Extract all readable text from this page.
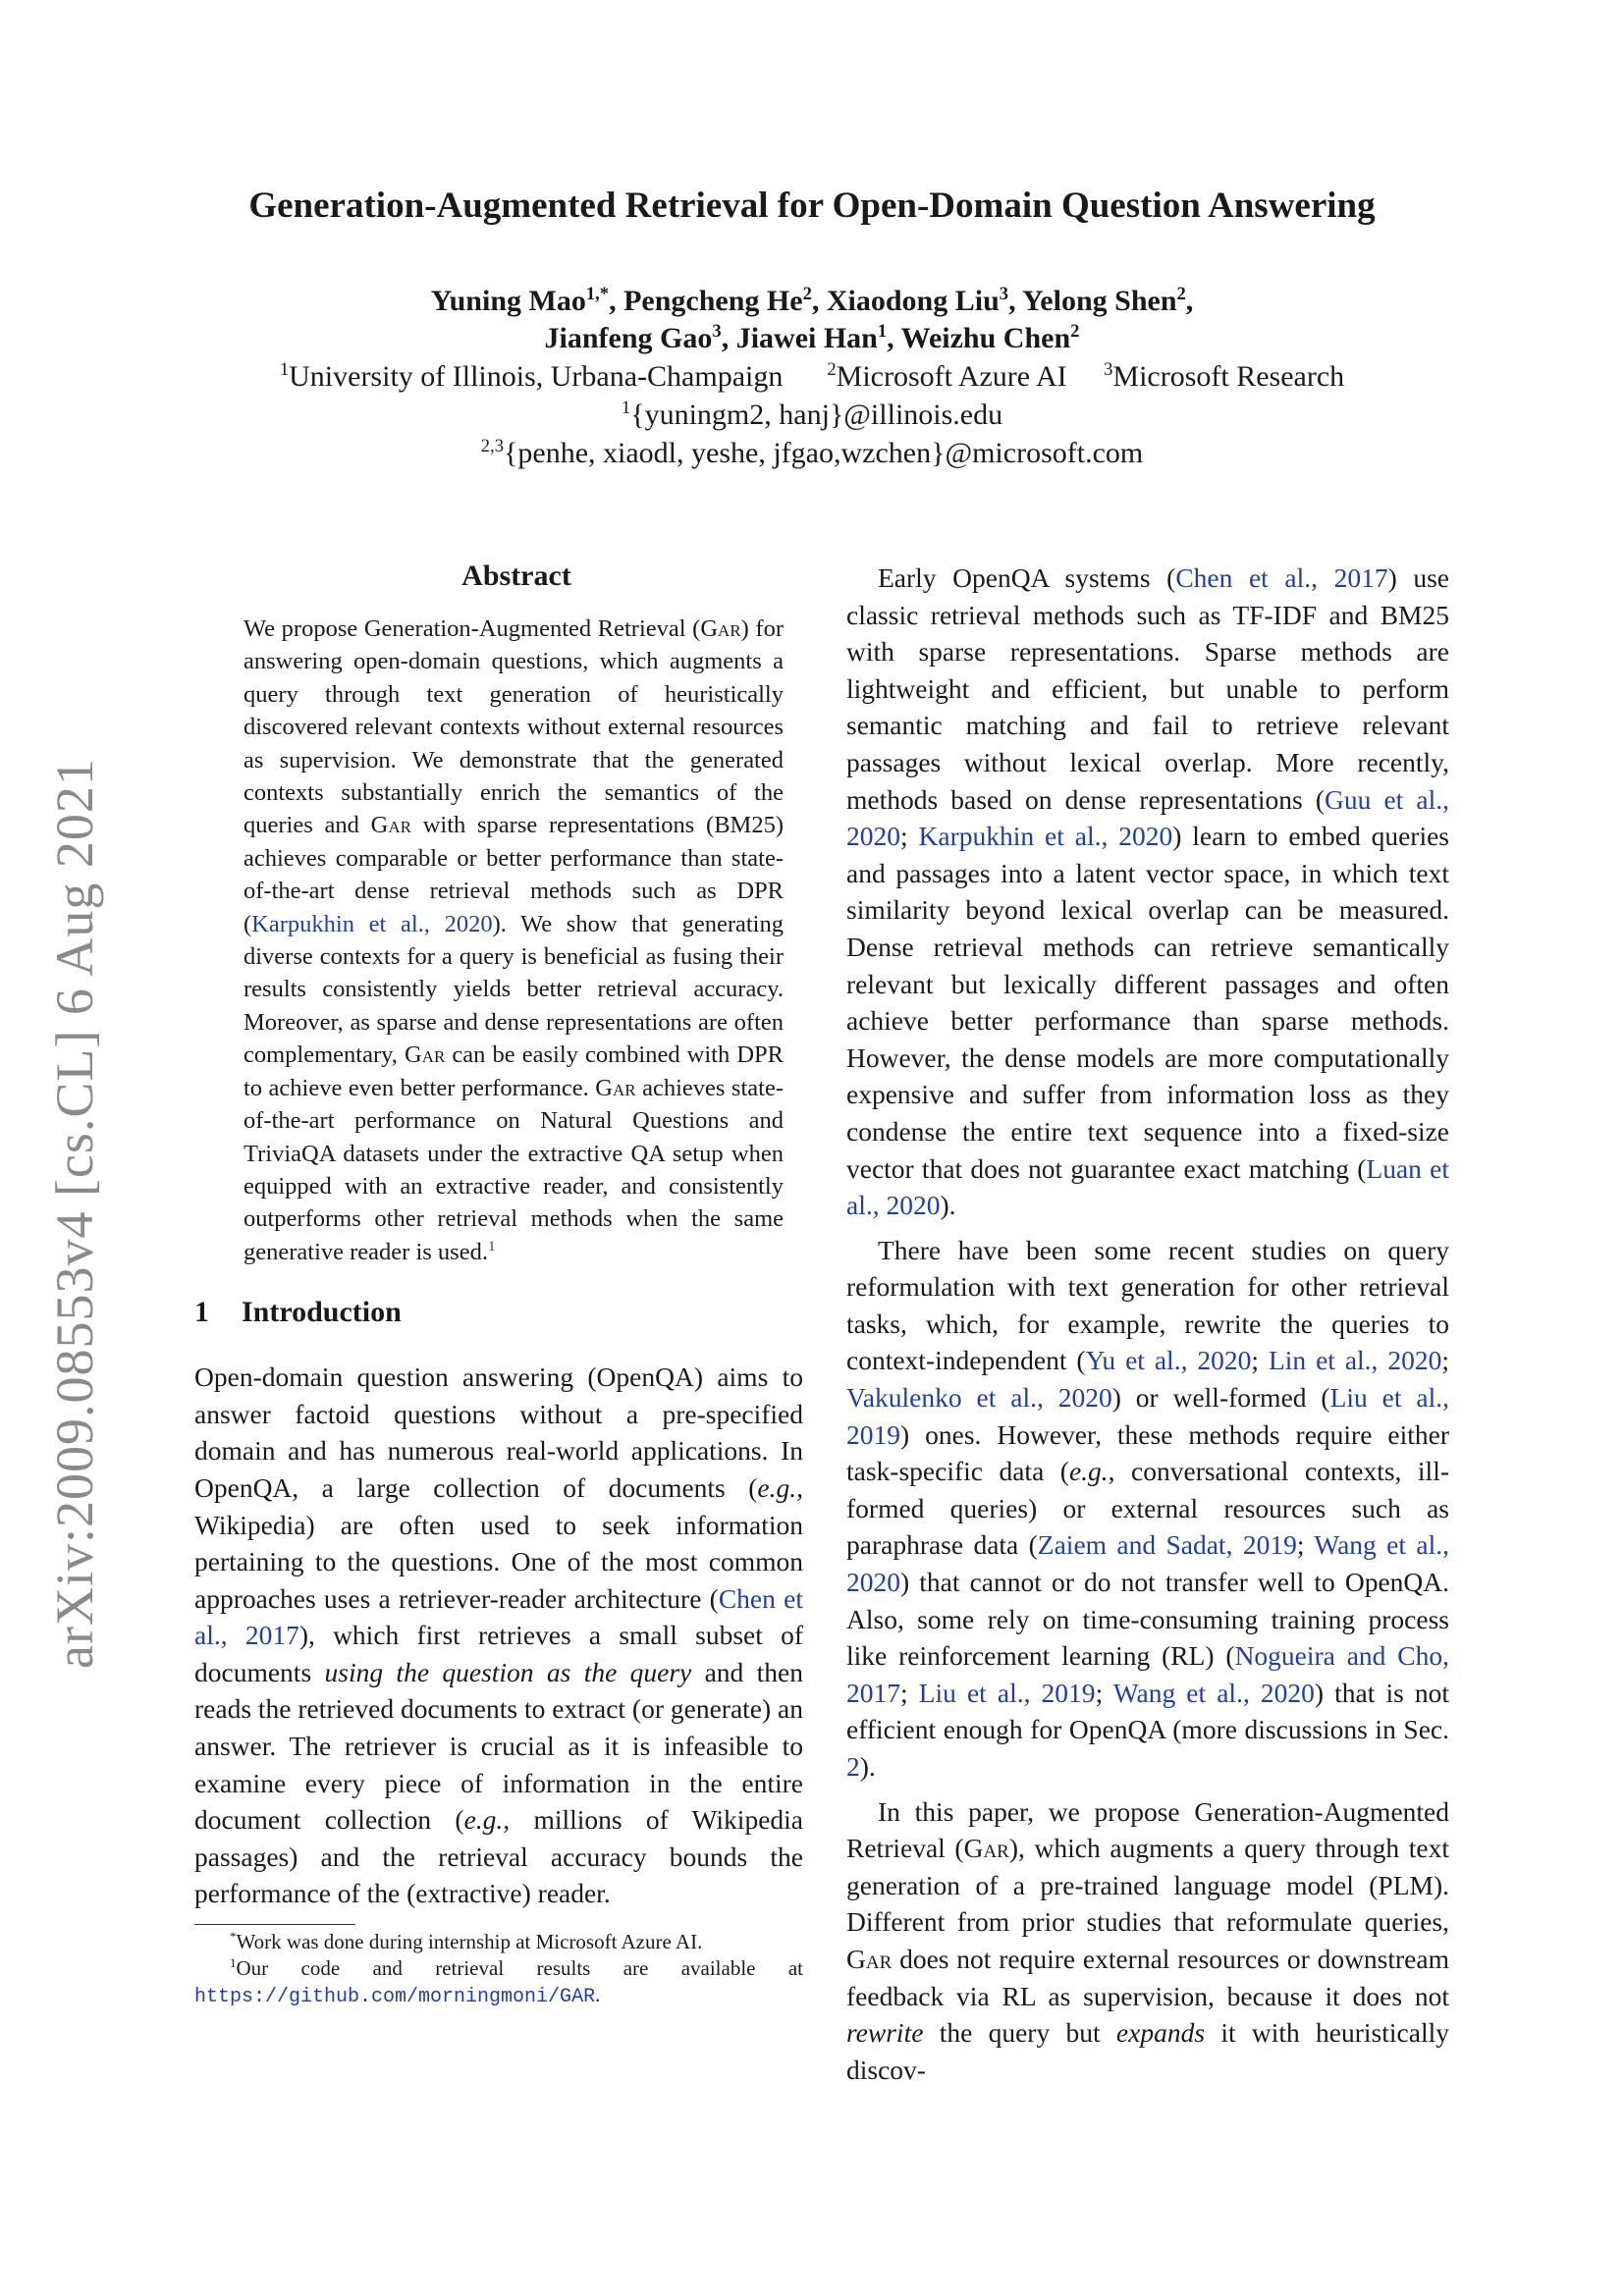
arXiv:2009.08553v4 [cs.CL] 6 Aug 2021
Generation-Augmented Retrieval for Open-Domain Question Answering
Yuning Mao$^{1,*}$, Pengcheng He$^2$, Xiaodong Liu$^3$, Yelong Shen$^2$,
Jianfeng Gao$^3$, Jiawei Han$^1$, Weizhu Chen$^2$
$^1$University of Illinois, Urbana-Champaign $^2$Microsoft Azure AI $^3$Microsoft Research
$^1${yuningm2, hanj}@illinois.edu
$^{2,3}${penhe, xiaodl, yeshe, jfgao,wzchen}@microsoft.com
Abstract
We propose Generation-Augmented Retrieval (Gar) for answering open-domain questions, which augments a query through text generation of heuristically discovered relevant contexts without external resources as supervision. We demonstrate that the generated contexts substantially enrich the semantics of the queries and Gar with sparse representations (BM25) achieves comparable or better performance than state-of-the-art dense retrieval methods such as DPR (Karpukhin et al., 2020). We show that generating diverse contexts for a query is beneficial as fusing their results consistently yields better retrieval accuracy. Moreover, as sparse and dense representations are often complementary, Gar can be easily combined with DPR to achieve even better performance. Gar achieves state-of-the-art performance on Natural Questions and TriviaQA datasets under the extractive QA setup when equipped with an extractive reader, and consistently outperforms other retrieval methods when the same generative reader is used.$^1$
1 Introduction

Open-domain question answering (OpenQA) aims to answer factoid questions without a pre-specified domain and has numerous real-world applications. In OpenQA, a large collection of documents (e.g., Wikipedia) are often used to seek information pertaining to the questions. One of the most common approaches uses a retriever-reader architecture (Chen et al., 2017), which first retrieves a small subset of documents using the question as the query and then reads the retrieved documents to extract (or generate) an answer. The retriever is crucial as it is infeasible to examine every piece of information in the entire document collection (e.g., millions of Wikipedia passages) and the retrieval accuracy bounds the performance of the (extractive) reader.

*Work was done during internship at Microsoft Azure AI.
$^1$Our code and retrieval results are available at https://github.com/morningmoni/GAR.

Early OpenQA systems (Chen et al., 2017) use classic retrieval methods such as TF-IDF and BM25 with sparse representations. Sparse methods are lightweight and efficient, but unable to perform semantic matching and fail to retrieve relevant passages without lexical overlap. More recently, methods based on dense representations (Guu et al., 2020; Karpukhin et al., 2020) learn to embed queries and passages into a latent vector space, in which text similarity beyond lexical overlap can be measured. Dense retrieval methods can retrieve semantically relevant but lexically different passages and often achieve better performance than sparse methods. However, the dense models are more computationally expensive and suffer from information loss as they condense the entire text sequence into a fixed-size vector that does not guarantee exact matching (Luan et al., 2020).

There have been some recent studies on query reformulation with text generation for other retrieval tasks, which, for example, rewrite the queries to context-independent (Yu et al., 2020; Lin et al., 2020; Vakulenko et al., 2020) or well-formed (Liu et al., 2019) ones. However, these methods require either task-specific data (e.g., conversational contexts, ill-formed queries) or external resources such as paraphrase data (Zaiem and Sadat, 2019; Wang et al., 2020) that cannot or do not transfer well to OpenQA. Also, some rely on time-consuming training process like reinforcement learning (RL) (Nogueira and Cho, 2017; Liu et al., 2019; Wang et al., 2020) that is not efficient enough for OpenQA (more discussions in Sec. 2).

In this paper, we propose Generation-Augmented Retrieval (Gar), which augments a query through text generation of a pre-trained language model (PLM). Different from prior studies that reformulate queries, Gar does not require external resources or downstream feedback via RL as supervision, because it does not rewrite the query but expands it with heuristically discov-
